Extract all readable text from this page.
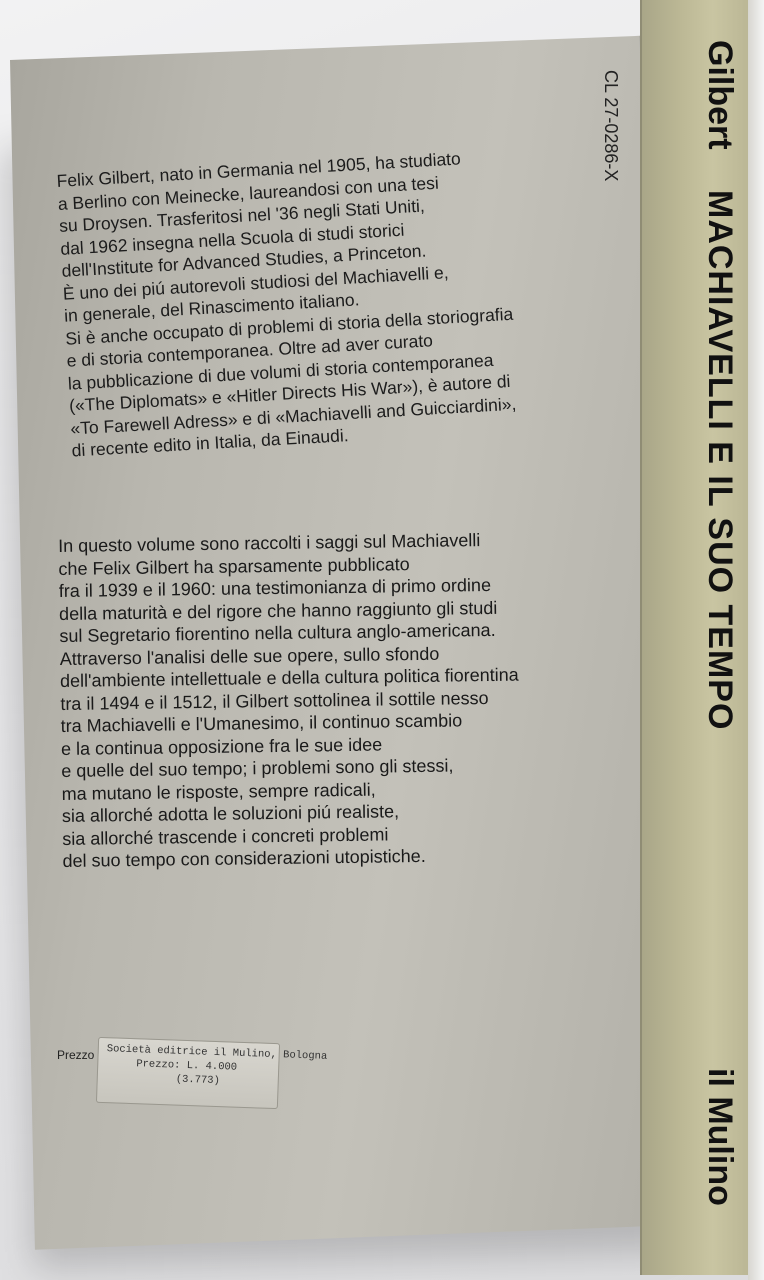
Gilbert
MACHIAVELLI E IL SUO TEMPO
il Mulino
CL 27-0286-X

Felix Gilbert, nato in Germania nel 1905, ha studiato
a Berlino con Meinecke, laureandosi con una tesi
su Droysen. Trasferitosi nel '36 negli Stati Uniti,
dal 1962 insegna nella Scuola di studi storici
dell'Institute for Advanced Studies, a Princeton.
È uno dei piú autorevoli studiosi del Machiavelli e,
in generale, del Rinascimento italiano.
Si è anche occupato di problemi di storia della storiografia
e di storia contemporanea. Oltre ad aver curato
la pubblicazione di due volumi di storia contemporanea
(«The Diplomats» e «Hitler Directs His War»), è autore di
«To Farewell Adress» e di «Machiavelli and Guicciardini»,
di recente edito in Italia, da Einaudi.

In questo volume sono raccolti i saggi sul Machiavelli
che Felix Gilbert ha sparsamente pubblicato
fra il 1939 e il 1960: una testimonianza di primo ordine
della maturità e del rigore che hanno raggiunto gli studi
sul Segretario fiorentino nella cultura anglo-americana.
Attraverso l'analisi delle sue opere, sullo sfondo
dell'ambiente intellettuale e della cultura politica fiorentina
tra il 1494 e il 1512, il Gilbert sottolinea il sottile nesso
tra Machiavelli e l'Umanesimo, il continuo scambio
e la continua opposizione fra le sue idee
e quelle del suo tempo; i problemi sono gli stessi,
ma mutano le risposte, sempre radicali,
sia allorché adotta le soluzioni piú realiste,
sia allorché trascende i concreti problemi
del suo tempo con considerazioni utopistiche.

Prezzo Società editrice il Mulino, Bologna
Prezzo: L. 4.000
(3.773)
